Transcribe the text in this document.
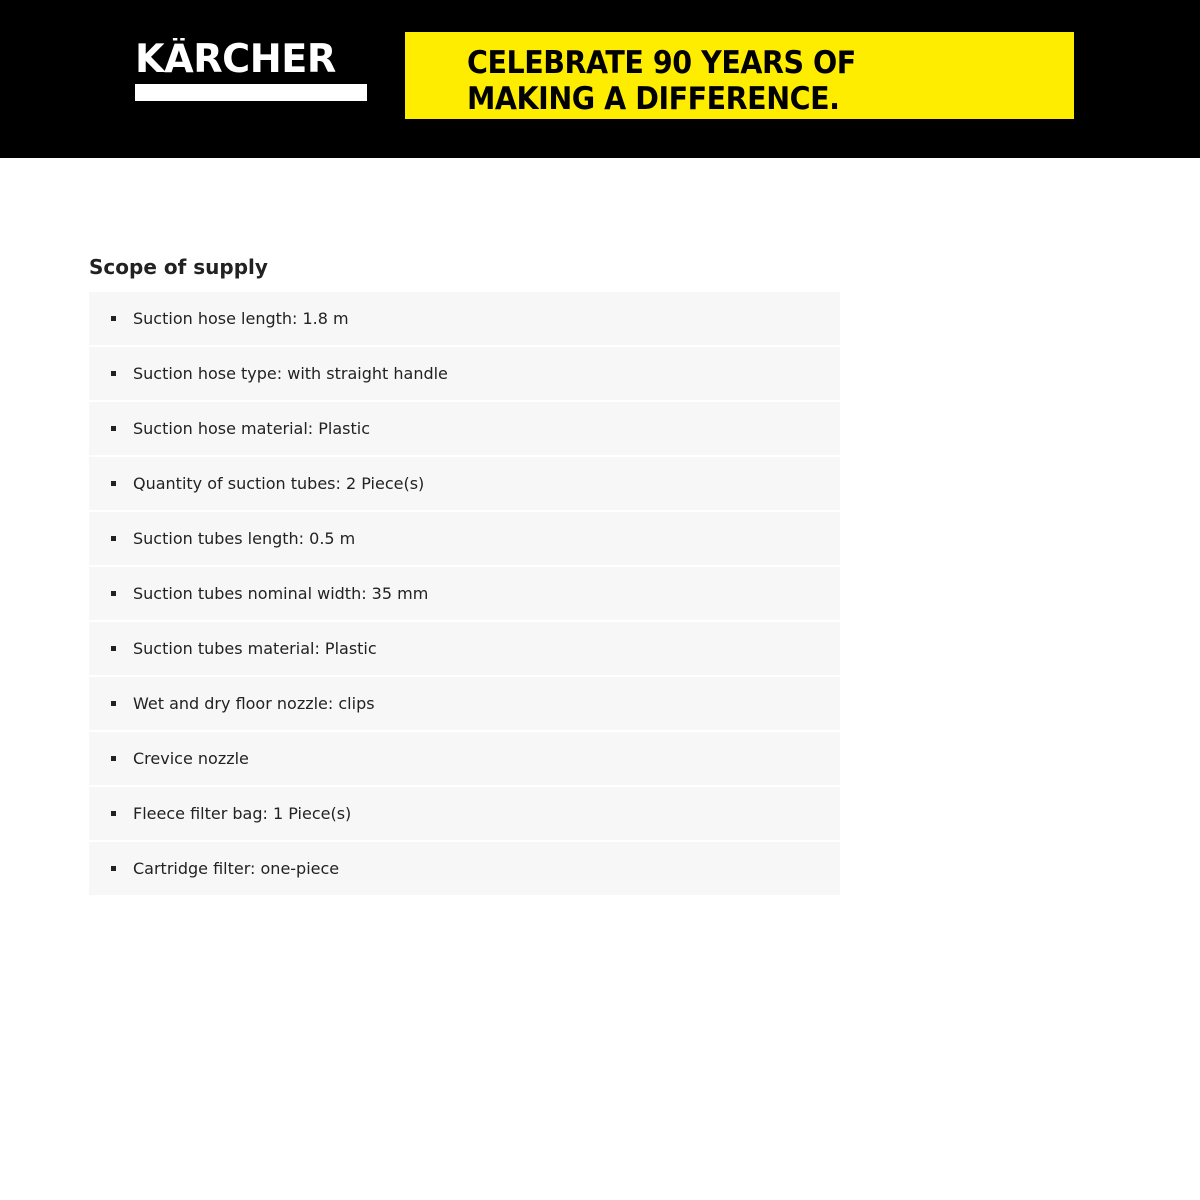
KÄRCHER	CELEBRATE 90 YEARS OF
MAKING A DIFFERENCE.
Scope of supply
Suction hose length: 1.8 m
Suction hose type: with straight handle
Suction hose material: Plastic
Quantity of suction tubes: 2 Piece(s)
Suction tubes length: 0.5 m
Suction tubes nominal width: 35 mm
Suction tubes material: Plastic
Wet and dry floor nozzle: clips
Crevice nozzle
Fleece filter bag: 1 Piece(s)
Cartridge filter: one-piece
